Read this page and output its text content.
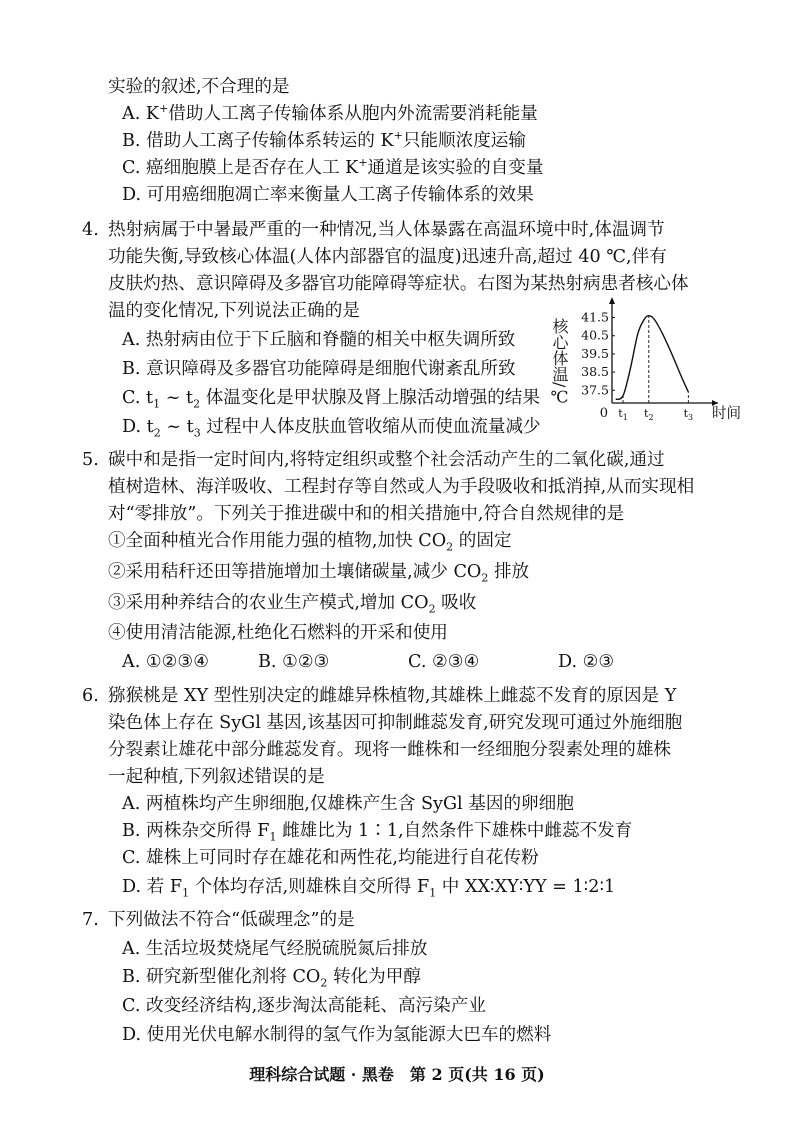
实验的叙述,不合理的是
A. K+借助人工离子传输体系从胞内外流需要消耗能量
B. 借助人工离子传输体系转运的 K+只能顺浓度运输
C. 癌细胞膜上是否存在人工 K+通道是该实验的自变量
D. 可用癌细胞凋亡率来衡量人工离子传输体系的效果
4. 热射病属于中暑最严重的一种情况,当人体暴露在高温环境中时,体温调节
功能失衡,导致核心体温(人体内部器官的温度)迅速升高,超过 40 ℃,伴有
皮肤灼热、意识障碍及多器官功能障碍等症状。右图为某热射病患者核心体
温的变化情况,下列说法正确的是
A. 热射病由位于下丘脑和脊髓的相关中枢失调所致
B. 意识障碍及多器官功能障碍是细胞代谢紊乱所致
C. $t_1$ ~ $t_2$ 体温变化是甲状腺及肾上腺活动增强的结果
D. $t_2$ ~ $t_3$ 过程中人体皮肤血管收缩从而使血流量减少
核心体温/℃ 37.5
38.5
39.5
40.5
41.5
0 $t_1$ $t_2$	$t_3$ 时间
5. 碳中和是指一定时间内,将特定组织或整个社会活动产生的二氧化碳,通过
植树造林、海洋吸收、工程封存等自然或人为手段吸收和抵消掉,从而实现相
对“零排放”。下列关于推进碳中和的相关措施中,符合自然规律的是
①全面种植光合作用能力强的植物,加快 $CO_2$ 的固定
②采用秸秆还田等措施增加土壤储碳量,减少 $CO_2$ 排放
③采用种养结合的农业生产模式,增加 $CO_2$ 吸收
④使用清洁能源,杜绝化石燃料的开采和使用
A. ①②③④	B. ①②③	C. ②③④	D. ②③
6. 猕猴桃是 XY 型性别决定的雌雄异株植物,其雄株上雌蕊不发育的原因是 Y
染色体上存在 SyGl 基因,该基因可抑制雌蕊发育,研究发现可通过外施细胞
分裂素让雄花中部分雌蕊发育。现将一雌株和一经细胞分裂素处理的雄株
一起种植,下列叙述错误的是
A. 两植株均产生卵细胞,仅雄株产生含 SyGl 基因的卵细胞
B. 两株杂交所得 $F_1$ 雌雄比为 1∶1,自然条件下雄株中雌蕊不发育
C. 雄株上可同时存在雄花和两性花,均能进行自花传粉
D. 若 $F_1$ 个体均存活,则雄株自交所得 $F_1$ 中 XX∶XY∶YY = 1∶2∶1
7. 下列做法不符合“低碳理念”的是
A. 生活垃圾焚烧尾气经脱硫脱氮后排放
B. 研究新型催化剂将 $CO_2$ 转化为甲醇
C. 改变经济结构,逐步淘汰高能耗、高污染产业
D. 使用光伏电解水制得的氢气作为氢能源大巴车的燃料
理科综合试题 · 黑卷　第 2 页(共 16 页)
